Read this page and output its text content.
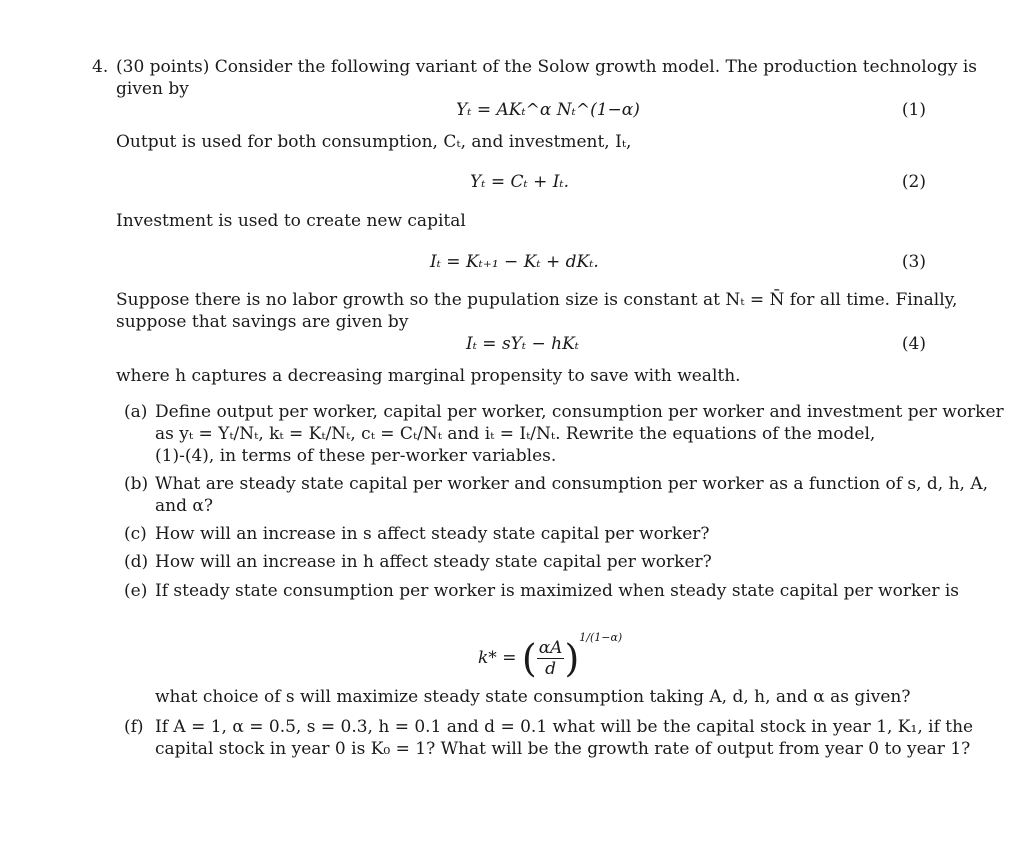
4. (30 points) Consider the following variant of the Solow growth model. The production technology is
given by
Yₜ = AKₜ^α Nₜ^(1−α)	(1)
Output is used for both consumption, Cₜ, and investment, Iₜ,
Yₜ = Cₜ + Iₜ.	(2)
Investment is used to create new capital
Iₜ = Kₜ₊₁ − Kₜ + dKₜ.	(3)
Suppose there is no labor growth so the pupulation size is constant at Nₜ = N̄ for all time. Finally,
suppose that savings are given by
Iₜ = sYₜ − hKₜ	(4)
where h captures a decreasing marginal propensity to save with wealth.
(a) Define output per worker, capital per worker, consumption per worker and investment per worker
as yₜ = Yₜ/Nₜ, kₜ = Kₜ/Nₜ, cₜ = Cₜ/Nₜ and iₜ = Iₜ/Nₜ. Rewrite the equations of the model,
(1)-(4), in terms of these per-worker variables.
(b) What are steady state capital per worker and consumption per worker as a function of s, d, h, A,
and α?
(c) How will an increase in s affect steady state capital per worker?
(d) How will an increase in h affect steady state capital per worker?
(e) If steady state consumption per worker is maximized when steady state capital per worker is
k* = ( $\frac{\alpha A}{d} )^{1/(1-\alpha)}$
what choice of s will maximize steady state consumption taking A, d, h, and α as given?
(f) If A = 1, α = 0.5, s = 0.3, h = 0.1 and d = 0.1 what will be the capital stock in year 1, K₁, if the
capital stock in year 0 is K₀ = 1? What will be the growth rate of output from year 0 to year 1?
